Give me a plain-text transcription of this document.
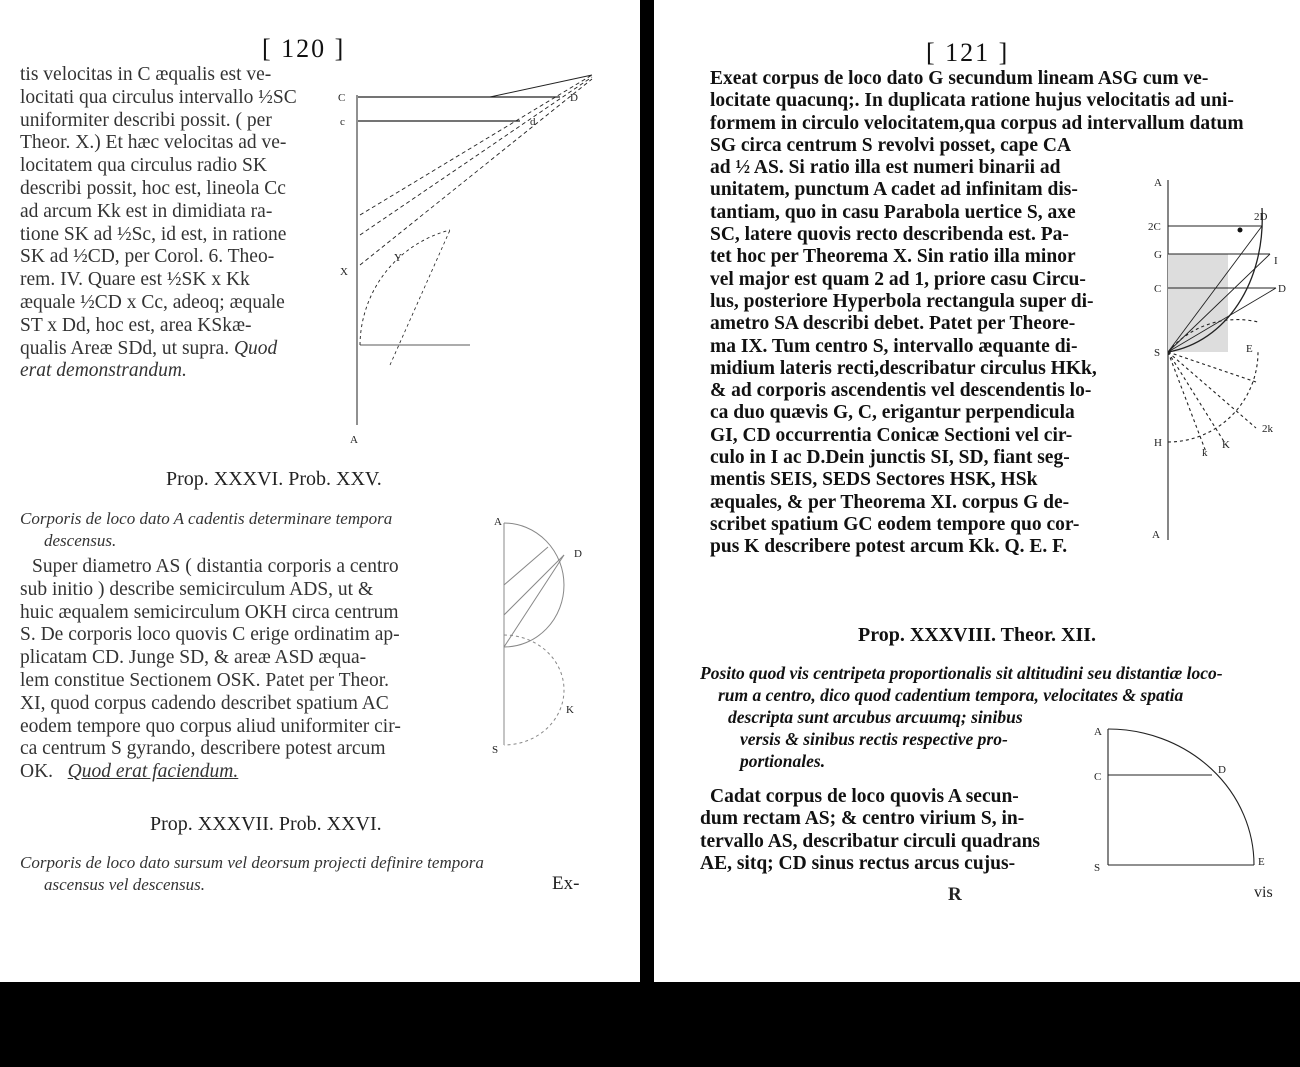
[ 120 ]
tis velocitas in C æqualis est ve-
locitati qua circulus intervallo ½SC
uniformiter describi possit. ( per
Theor. X.) Et hæc velocitas ad ve-
locitatem qua circulus radio SK
describi possit, hoc est, lineola Cc
ad arcum Kk est in dimidiata ra-
tione SK ad ½Sc, id est, in ratione
SK ad ½CD, per Corol. 6. Theo-
rem. IV. Quare est ½SK x Kk
æquale ½CD x Cc, adeoq; æquale
ST x Dd, hoc est, area KSkæ-
qualis Areæ SDd, ut supra. Quod
erat demonstrandum.
C
c
D
d
Y
X
A
Prop. XXXVI. Prob. XXV.
Corporis de loco dato A cadentis determinare tempora
descensus.
Super diametro AS ( distantia corporis a centro
sub initio ) describe semicirculum ADS, ut &
huic æqualem semicirculum OKH circa centrum
S. De corporis loco quovis C erige ordinatim ap-
plicatam CD. Junge SD, & areæ ASD æqua-
lem constitue Sectionem OSK. Patet per Theor.
XI, quod corpus cadendo describet spatium AC
eodem tempore quo corpus aliud uniformiter cir-
ca centrum S gyrando, describere potest arcum
OK. Quod erat faciendum.
A
D
K
S
Prop. XXXVII. Prob. XXVI.
Corporis de loco dato sursum vel deorsum projecti definire tempora
ascensus vel descensus.	Ex-
[ 121 ]
Exeat corpus de loco dato G secundum lineam ASG cum ve-
locitate quacunq;. In duplicata ratione hujus velocitatis ad uni-
formem in circulo velocitatem,qua corpus ad intervallum datum
SG circa centrum S revolvi posset, cape CA
ad ½ AS. Si ratio illa est numeri binarii ad
unitatem, punctum A cadet ad infinitam dis-
tantiam, quo in casu Parabola uertice S, axe
SC, latere quovis recto describenda est. Pa-
tet hoc per Theorema X. Sin ratio illa minor
vel major est quam 2 ad 1, priore casu Circu-
lus, posteriore Hyperbola rectangula super di-
ametro SA describi debet. Patet per Theore-
ma IX. Tum centro S, intervallo æquante di-
midium lateris recti,describatur circulus HKk,
& ad corporis ascendentis vel descendentis lo-
ca duo quævis G, C, erigantur perpendicula
GI, CD occurrentia Conicæ Sectioni vel cir-
culo in I ac D.Dein junctis SI, SD, fiant seg-
mentis SEIS, SEDS Sectores HSK, HSk
æquales, & per Theorema XI. corpus G de-
scribet spatium GC eodem tempore quo cor-
pus K describere potest arcum Kk. Q. E. F.
A
2C
2D
G	I
C	D
S	E
H	K
k
2k
A
Prop. XXXVIII. Theor. XII.
Posito quod vis centripeta proportionalis sit altitudini seu distantiæ loco-
rum a centro, dico quod cadentium tempora, velocitates & spatia
descripta sunt arcubus arcuumq; sinibus
versis & sinibus rectis respective pro-
portionales.
Cadat corpus de loco quovis A secun-
dum rectam AS; & centro virium S, in-
tervallo AS, describatur circuli quadrans
AE, sitq; CD sinus rectus arcus cujus-
A
C
D
S	E
R	vis
